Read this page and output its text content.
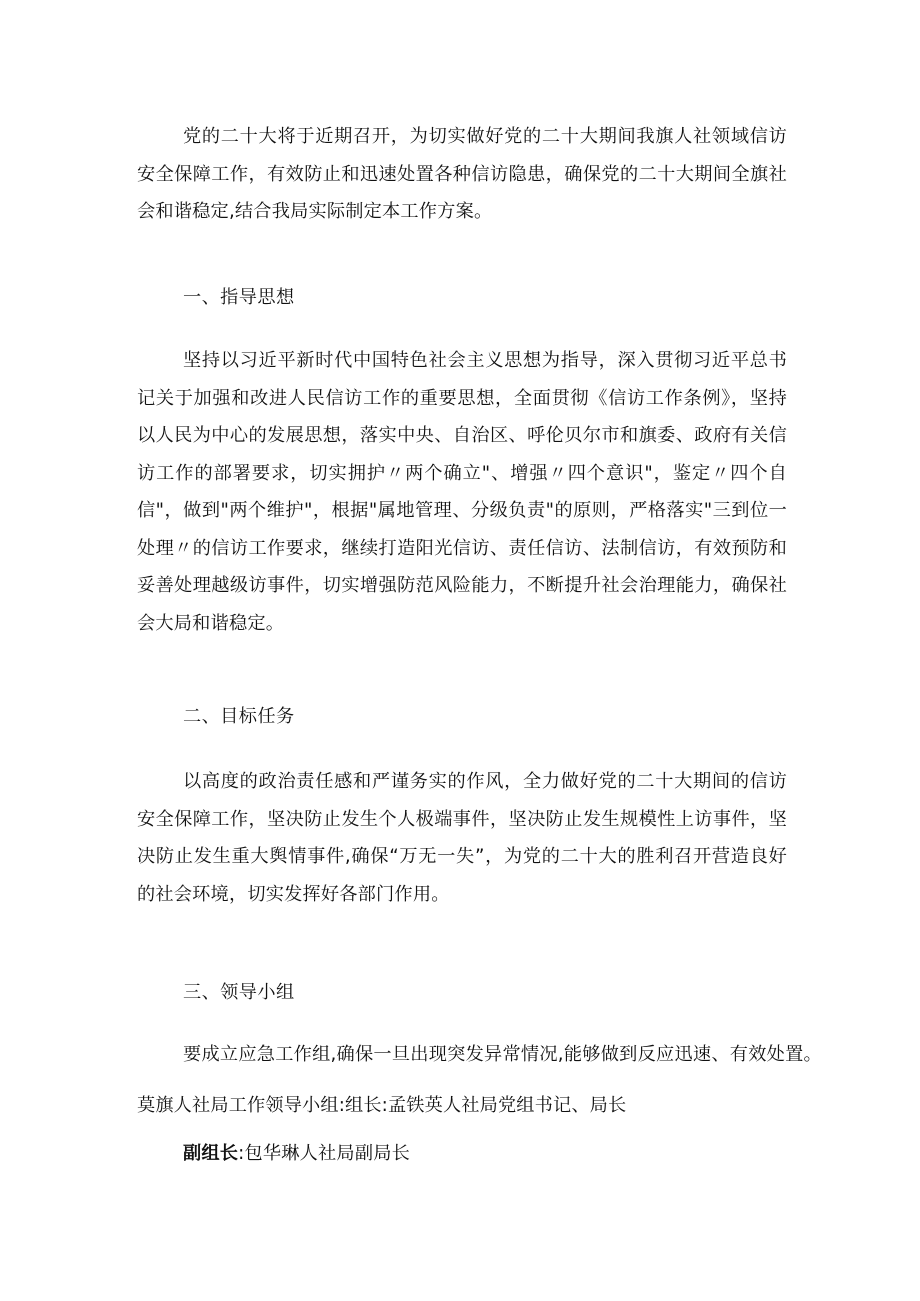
党的二十大将于近期召开，为切实做好党的二十大期间我旗人社领域信访安全保障工作，有效防止和迅速处置各种信访隐患，确保党的二十大期间全旗社会和谐稳定,结合我局实际制定本工作方案。

一、指导思想

坚持以习近平新时代中国特色社会主义思想为指导，深入贯彻习近平总书记关于加强和改进人民信访工作的重要思想，全面贯彻《信访工作条例》，坚持以人民为中心的发展思想，落实中央、自治区、呼伦贝尔市和旗委、政府有关信访工作的部署要求，切实拥护〃两个确立"、增强〃四个意识"，鉴定〃四个自信"，做到"两个维护"，根据"属地管理、分级负责"的原则，严格落实"三到位一处理〃的信访工作要求，继续打造阳光信访、责任信访、法制信访，有效预防和妥善处理越级访事件，切实增强防范风险能力，不断提升社会治理能力，确保社会大局和谐稳定。

二、目标任务

以高度的政治责任感和严谨务实的作风，全力做好党的二十大期间的信访安全保障工作，坚决防止发生个人极端事件，坚决防止发生规模性上访事件，坚决防止发生重大舆情事件,确保“万无一失”，为党的二十大的胜利召开营造良好的社会环境，切实发挥好各部门作用。

三、领导小组

要成立应急工作组,确保一旦出现突发异常情况,能够做到反应迅速、有效处置。

莫旗人社局工作领导小组:组长:孟铁英人社局党组书记、局长

副组长:包华琳人社局副局长
